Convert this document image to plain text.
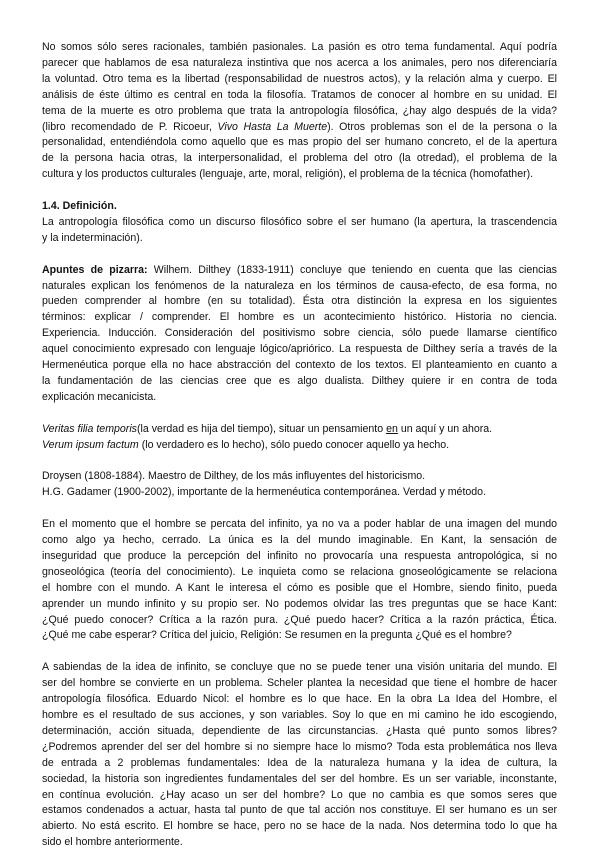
No somos sólo seres racionales, también pasionales. La pasión es otro tema fundamental. Aquí podría
parecer que hablamos de esa naturaleza instintiva que nos acerca a los animales, pero nos diferenciaría
la voluntad. Otro tema es la libertad (responsabilidad de nuestros actos), y la relación alma y cuerpo. El
análisis de éste último es central en toda la filosofía. Tratamos de conocer al hombre en su unidad. El
tema de la muerte es otro problema que trata la antropología filosófica, ¿hay algo después de la vida?
(libro recomendado de P. Ricoeur, Vivo Hasta La Muerte). Otros problemas son el de la persona o la
personalidad, entendiéndola como aquello que es mas propio del ser humano concreto, el de la apertura
de la persona hacia otras, la interpersonalidad, el problema del otro (la otredad), el problema de la
cultura y los productos culturales (lenguaje, arte, moral, religión), el problema de la técnica (homofather).
1.4. Definición.
La antropología filosófica como un discurso filosófico sobre el ser humano (la apertura, la trascendencia
y la indeterminación).
Apuntes de pizarra: Wilhem. Dilthey (1833-1911) concluye que teniendo en cuenta que las ciencias
naturales explican los fenómenos de la naturaleza en los términos de causa-efecto, de esa forma, no
pueden comprender al hombre (en su totalidad). Ésta otra distinción la expresa en los siguientes
términos: explicar / comprender. El hombre es un acontecimiento histórico. Historia no ciencia.
Experiencia. Inducción. Consideración del positivismo sobre ciencia, sólo puede llamarse científico
aquel conocimiento expresado con lenguaje lógico/apriórico. La respuesta de Dilthey sería a través de la
Hermenéutica porque ella no hace abstracción del contexto de los textos. El planteamiento en cuanto a
la fundamentación de las ciencias cree que es algo dualista. Dilthey quiere ir en contra de toda
explicación mecanicista.
Veritas filia temporis(la verdad es hija del tiempo), situar un pensamiento en un aquí y un ahora.
Verum ipsum factum (lo verdadero es lo hecho), sólo puedo conocer aquello ya hecho.
Droysen (1808-1884). Maestro de Dilthey, de los más influyentes del historicismo.
H.G. Gadamer (1900-2002), importante de la hermenéutica contemporánea. Verdad y método.
En el momento que el hombre se percata del infinito, ya no va a poder hablar de una imagen del mundo
como algo ya hecho, cerrado. La única es la del mundo imaginable. En Kant, la sensación de
inseguridad que produce la percepción del infinito no provocaría una respuesta antropológica, si no
gnoseológica (teoría del conocimiento). Le inquieta como se relaciona gnoseológicamente se relaciona
el hombre con el mundo. A Kant le interesa el cómo es posible que el Hombre, siendo finito, pueda
aprender un mundo infinito y su propio ser. No podemos olvidar las tres preguntas que se hace Kant:
¿Qué puedo conocer? Crítica a la razón pura. ¿Qué puedo hacer? Crítica a la razón práctica, Ética.
¿Qué me cabe esperar? Crítica del juicio, Religión: Se resumen en la pregunta ¿Qué es el hombre?
A sabiendas de la idea de infinito, se concluye que no se puede tener una visión unitaria del mundo. El
ser del hombre se convierte en un problema. Scheler plantea la necesidad que tiene el hombre de hacer
antropología filosófica. Eduardo Nicol: el hombre es lo que hace. En la obra La Idea del Hombre, el
hombre es el resultado de sus acciones, y son variables. Soy lo que en mi camino he ido escogiendo,
determinación, acción situada, dependiente de las circunstancias. ¿Hasta qué punto somos libres?
¿Podremos aprender del ser del hombre si no siempre hace lo mismo? Toda esta problemática nos lleva
de entrada a 2 problemas fundamentales: Idea de la naturaleza humana y la idea de cultura, la
sociedad, la historia son ingredientes fundamentales del ser del hombre. Es un ser variable, inconstante,
en contínua evolución. ¿Hay acaso un ser del hombre? Lo que no cambia es que somos seres que
estamos condenados a actuar, hasta tal punto de que tal acción nos constituye. El ser humano es un ser
abierto. No está escrito. El hombre se hace, pero no se hace de la nada. Nos determina todo lo que ha
sido el hombre anteriormente.
